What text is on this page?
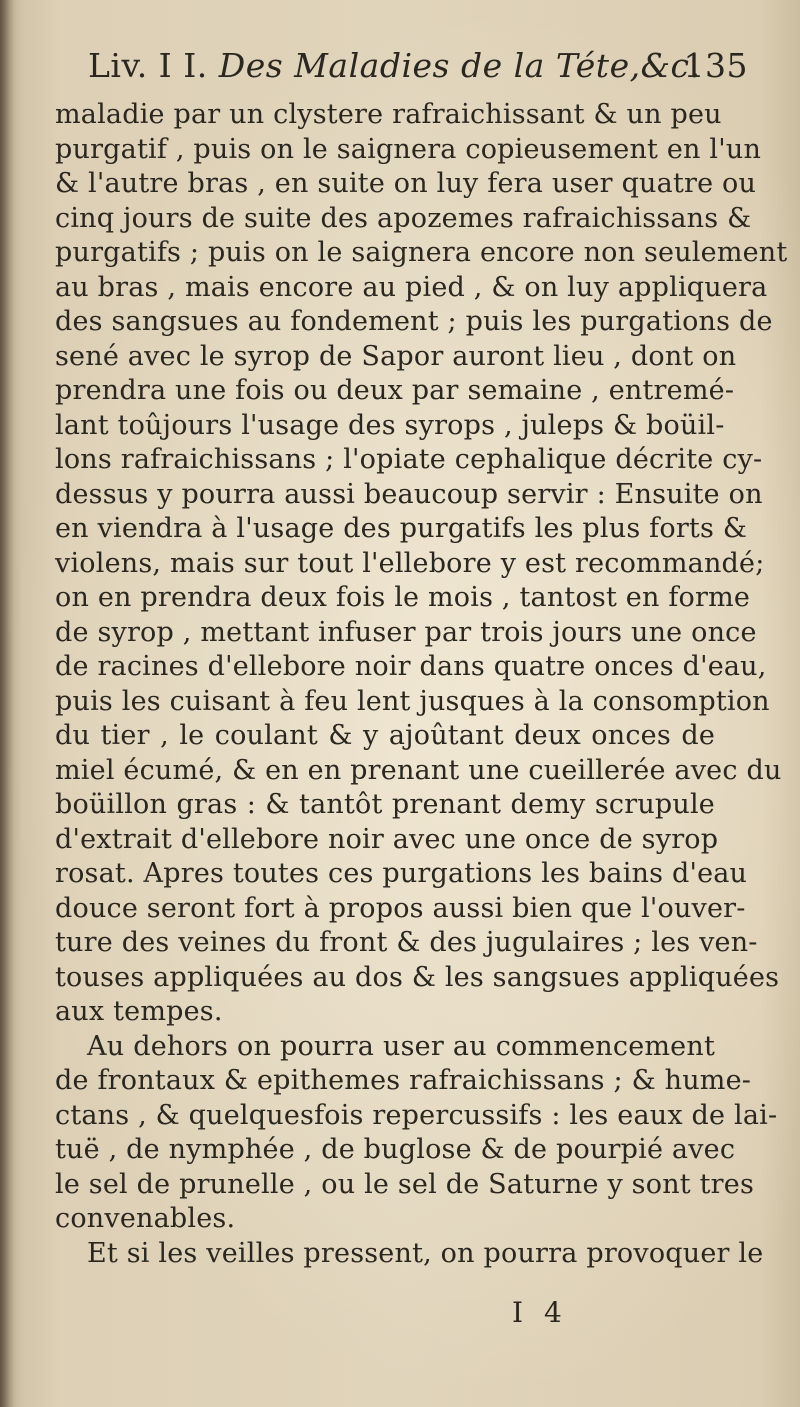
Liv. I I. Des Maladies de la Téte,&c.
135
maladie par un clystere rafraichissant & un peu
purgatif , puis on le saignera copieusement en l'un
& l'autre bras , en suite on luy fera user quatre ou
cinq jours de suite des apozemes rafraichissans &
purgatifs ; puis on le saignera encore non seulement
au bras , mais encore au pied , & on luy appliquera
des sangsues au fondement ; puis les purgations de
sené avec le syrop de Sapor auront lieu , dont on
prendra une fois ou deux par semaine , entremé-
lant toûjours l'usage des syrops , juleps & boüil-
lons rafraichissans ; l'opiate cephalique décrite cy-
dessus y pourra aussi beaucoup servir : Ensuite on
en viendra à l'usage des purgatifs les plus forts &
violens, mais sur tout l'ellebore y est recommandé;
on en prendra deux fois le mois , tantost en forme
de syrop , mettant infuser par trois jours une once
de racines d'ellebore noir dans quatre onces d'eau,
puis les cuisant à feu lent jusques à la consomption
du tier , le coulant & y ajoûtant deux onces de
miel écumé, & en en prenant une cueillerée avec du
boüillon gras : & tantôt prenant demy scrupule
d'extrait d'ellebore noir avec une once de syrop
rosat. Apres toutes ces purgations les bains d'eau
douce seront fort à propos aussi bien que l'ouver-
ture des veines du front & des jugulaires ; les ven-
touses appliquées au dos & les sangsues appliquées
aux tempes.
Au dehors on pourra user au commencement
de frontaux & epithemes rafraichissans ; & hume-
ctans , & quelquesfois repercussifs : les eaux de lai-
tuë , de nymphée , de buglose & de pourpié avec
le sel de prunelle , ou le sel de Saturne y sont tres
convenables.
Et si les veilles pressent, on pourra provoquer le
I 4
